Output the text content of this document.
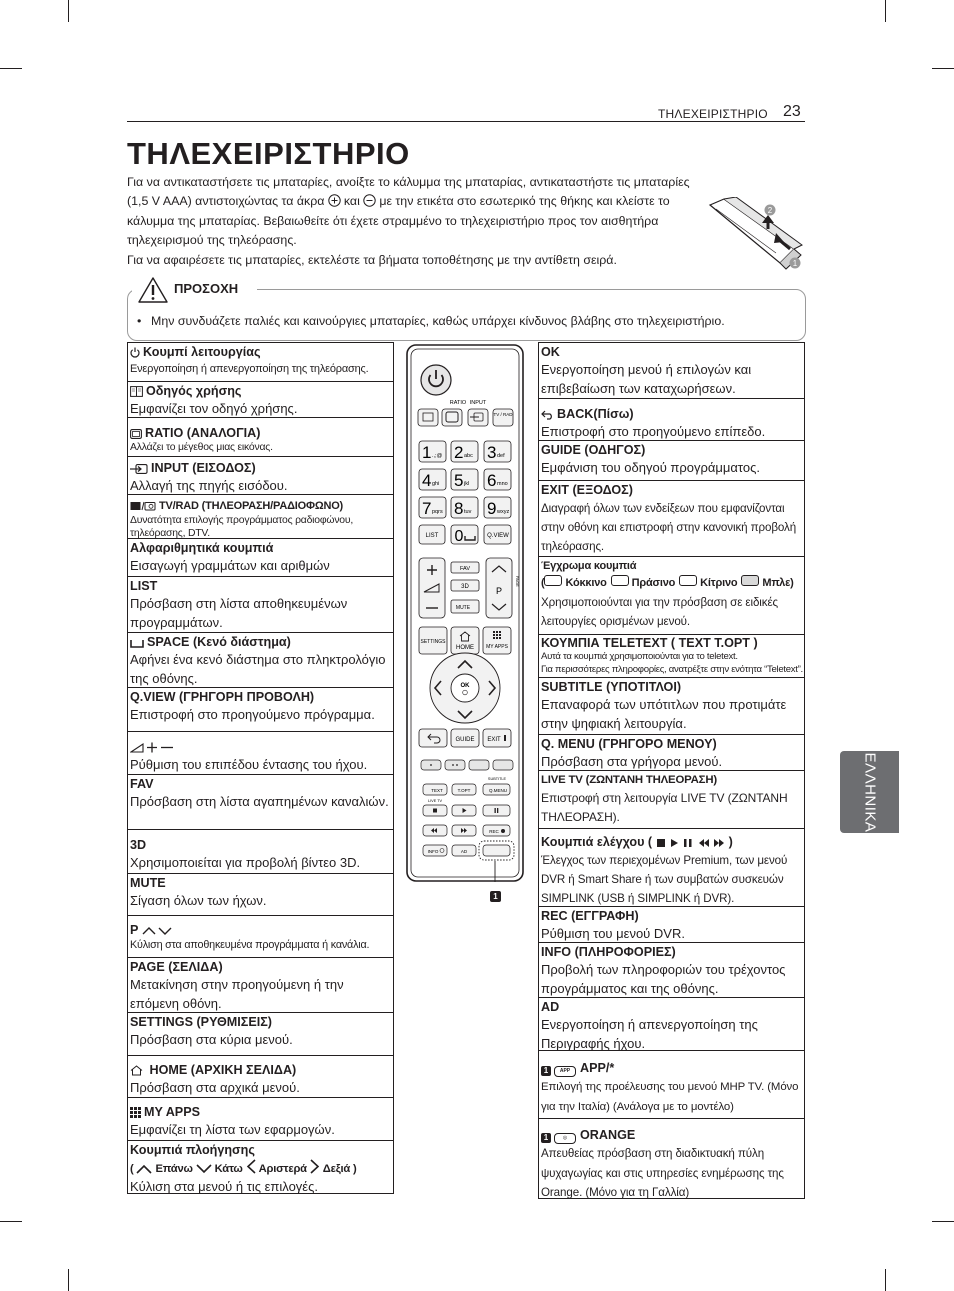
ΤΗΛΕΧΕΙΡΙΣΤΗΡΙΟ 23
ΤΗΛΕΧΕΙΡΙΣΤΗΡΙΟ

Για να αντικαταστήσετε τις μπαταρίες, ανοίξτε το κάλυμμα της μπαταρίας, αντικαταστήστε τις μπαταρίες (1,5 V AAA) αντιστοιχώντας τα άκρα και με την ετικέτα στο εσωτερικό της θήκης και κλείστε το κάλυμμα της μπαταρίας. Βεβαιωθείτε ότι έχετε στραμμένο το τηλεχειριστήριο προς τον αισθητήρα τηλεχειρισμού της τηλεόρασης.

Για να αφαιρέσετε τις μπαταρίες, εκτελέστε τα βήματα τοποθέτησης με την αντίθετη σειρά.

2
1
ΠΡΟΣΟΧΗ
• Μην συνδυάζετε παλιές και καινούργιες μπαταρίες, καθώς υπάρχει κίνδυνος βλάβης στο τηλεχειριστήριο.
Κουμπί λειτουργίας
Ενεργοποίηση ή απενεργοποίηση της τηλεόρασης.
Οδηγός χρήσης
Εμφανίζει τον οδηγό χρήσης.
RATIO (ΑΝΑΛΟΓΙΑ)
Αλλάζει το μέγεθος μιας εικόνας.
INPUT (ΕΙΣΟΔΟΣ)
Αλλαγή της πηγής εισόδου.
TV/RAD (ΤΗΛΕΟΡΑΣΗ/ΡΑΔΙΟΦΩΝΟ)
Δυνατότητα επιλογής προγράμματος ραδιοφώνου, τηλεόρασης, DTV.
Αλφαριθμητικά κουμπιά
Εισαγωγή γραμμάτων και αριθμών
LIST
Πρόσβαση στη λίστα αποθηκευμένων προγραμμάτων.
SPACE (Κενό διάστημα)
Αφήνει ένα κενό διάστημα στο πληκτρολόγιο της οθόνης.
Q.VIEW (ΓΡΗΓΟΡΗ ΠΡΟΒΟΛΗ)
Επιστροφή στο προηγούμενο πρόγραμμα.
Ρύθμιση του επιπέδου έντασης του ήχου.
FAV
Πρόσβαση στη λίστα αγαπημένων καναλιών.
3D
Χρησιμοποιείται για προβολή βίντεο 3D.
MUTE
Σίγαση όλων των ήχων.
P
Κύλιση στα αποθηκευμένα προγράμματα ή κανάλια.
PAGE (ΣΕΛΙΔΑ)
Μετακίνηση στην προηγούμενη ή την επόμενη οθόνη.
SETTINGS (ΡΥΘΜΙΣΕΙΣ)
Πρόσβαση στα κύρια μενού.
HOME (ΑΡΧΙΚΗ ΣΕΛΙΔΑ)
Πρόσβαση στα αρχικά μενού.
MY APPS
Εμφανίζει τη λίστα των εφαρμογών.
Κουμπιά πλοήγησης
( Επάνω Κάτω Αριστερά Δεξιά )
Κύλιση στα μενού ή τις επιλογές.
OK
Ενεργοποίηση μενού ή επιλογών και επιβεβαίωση των καταχωρήσεων.
BACK(Πίσω)
Επιστροφή στο προηγούμενο επίπεδο.
GUIDE (ΟΔΗΓΟΣ)
Εμφάνιση του οδηγού προγράμματος.
EXIT (ΕΞΟΔΟΣ)
Διαγραφή όλων των ενδείξεων που εμφανίζονται στην οθόνη και επιστροφή στην κανονική προβολή τηλεόρασης.
Έγχρωμα κουμπιά
( Κόκκινο Πράσινο Κίτρινο Μπλε)
Χρησιμοποιούνται για την πρόσβαση σε ειδικές λειτουργίες ορισμένων μενού.
ΚΟΥΜΠΙΑ TELETEXT ( TEXT T.OPT )
Αυτά τα κουμπιά χρησιμοποιούνται για το teletext.
Για περισσότερες πληροφορίες, ανατρέξτε στην ενότητα “Teletext”.
SUBTITLE (ΥΠΟΤΙΤΛΟΙ)
Επαναφορά των υπότιτλων που προτιμάτε στην ψηφιακή λειτουργία.
Q. MENU (ΓΡΗΓΟΡΟ ΜΕΝΟΥ)
Πρόσβαση στα γρήγορα μενού.
LIVE TV (ΖΩΝΤΑΝΗ ΤΗΛΕΟΡΑΣΗ)
Επιστροφή στη λειτουργία LIVE TV (ΖΩΝΤΑΝΗ ΤΗΛΕΟΡΑΣΗ).
Κουμπιά ελέγχου (	)
Έλεγχος των περιεχομένων Premium, των μενού DVR ή Smart Share ή των συμβατών συσκευών SIMPLINK (USB ή SIMPLINK ή DVR).
REC (ΕΓΓΡΑΦΗ)
Ρύθμιση του μενού DVR.
INFO (ΠΛΗΡΟΦΟΡΙΕΣ)
Προβολή των πληροφοριών του τρέχοντος προγράμματος και της οθόνης.
AD
Ενεργοποίηση ή απενεργοποίηση της Περιγραφής ήχου.
1 APP APP/*
Επιλογή της προέλευσης του μενού MHP TV. (Μόνο για την Ιταλία) (Ανάλογα με το μοντέλο)
1	◎ ORANGE
Απευθείας πρόσβαση στη διαδικτυακή πύλη ψυχαγωγίας και στις υπηρεσίες ενημέρωσης της Orange. (Μόνο για τη Γαλλία)
RATIO INPUT
TV / RAD
1 .,;@ 2 abc 3 def
4 ghi 5 jkl 6 mno
7 pqrs 8 tuv 9 wxyz
LIST 0	Q.VIEW
FAV
3D
MUTE
P
PAGE
SETTINGS
HOME MY APPS
OK
GUIDE EXIT
SUBTITLE
TEXT	T.OPT	Q.MENU
LIVE TV
REC
INFO	AD
1
ΕΛΛΗΝΙΚΑ
